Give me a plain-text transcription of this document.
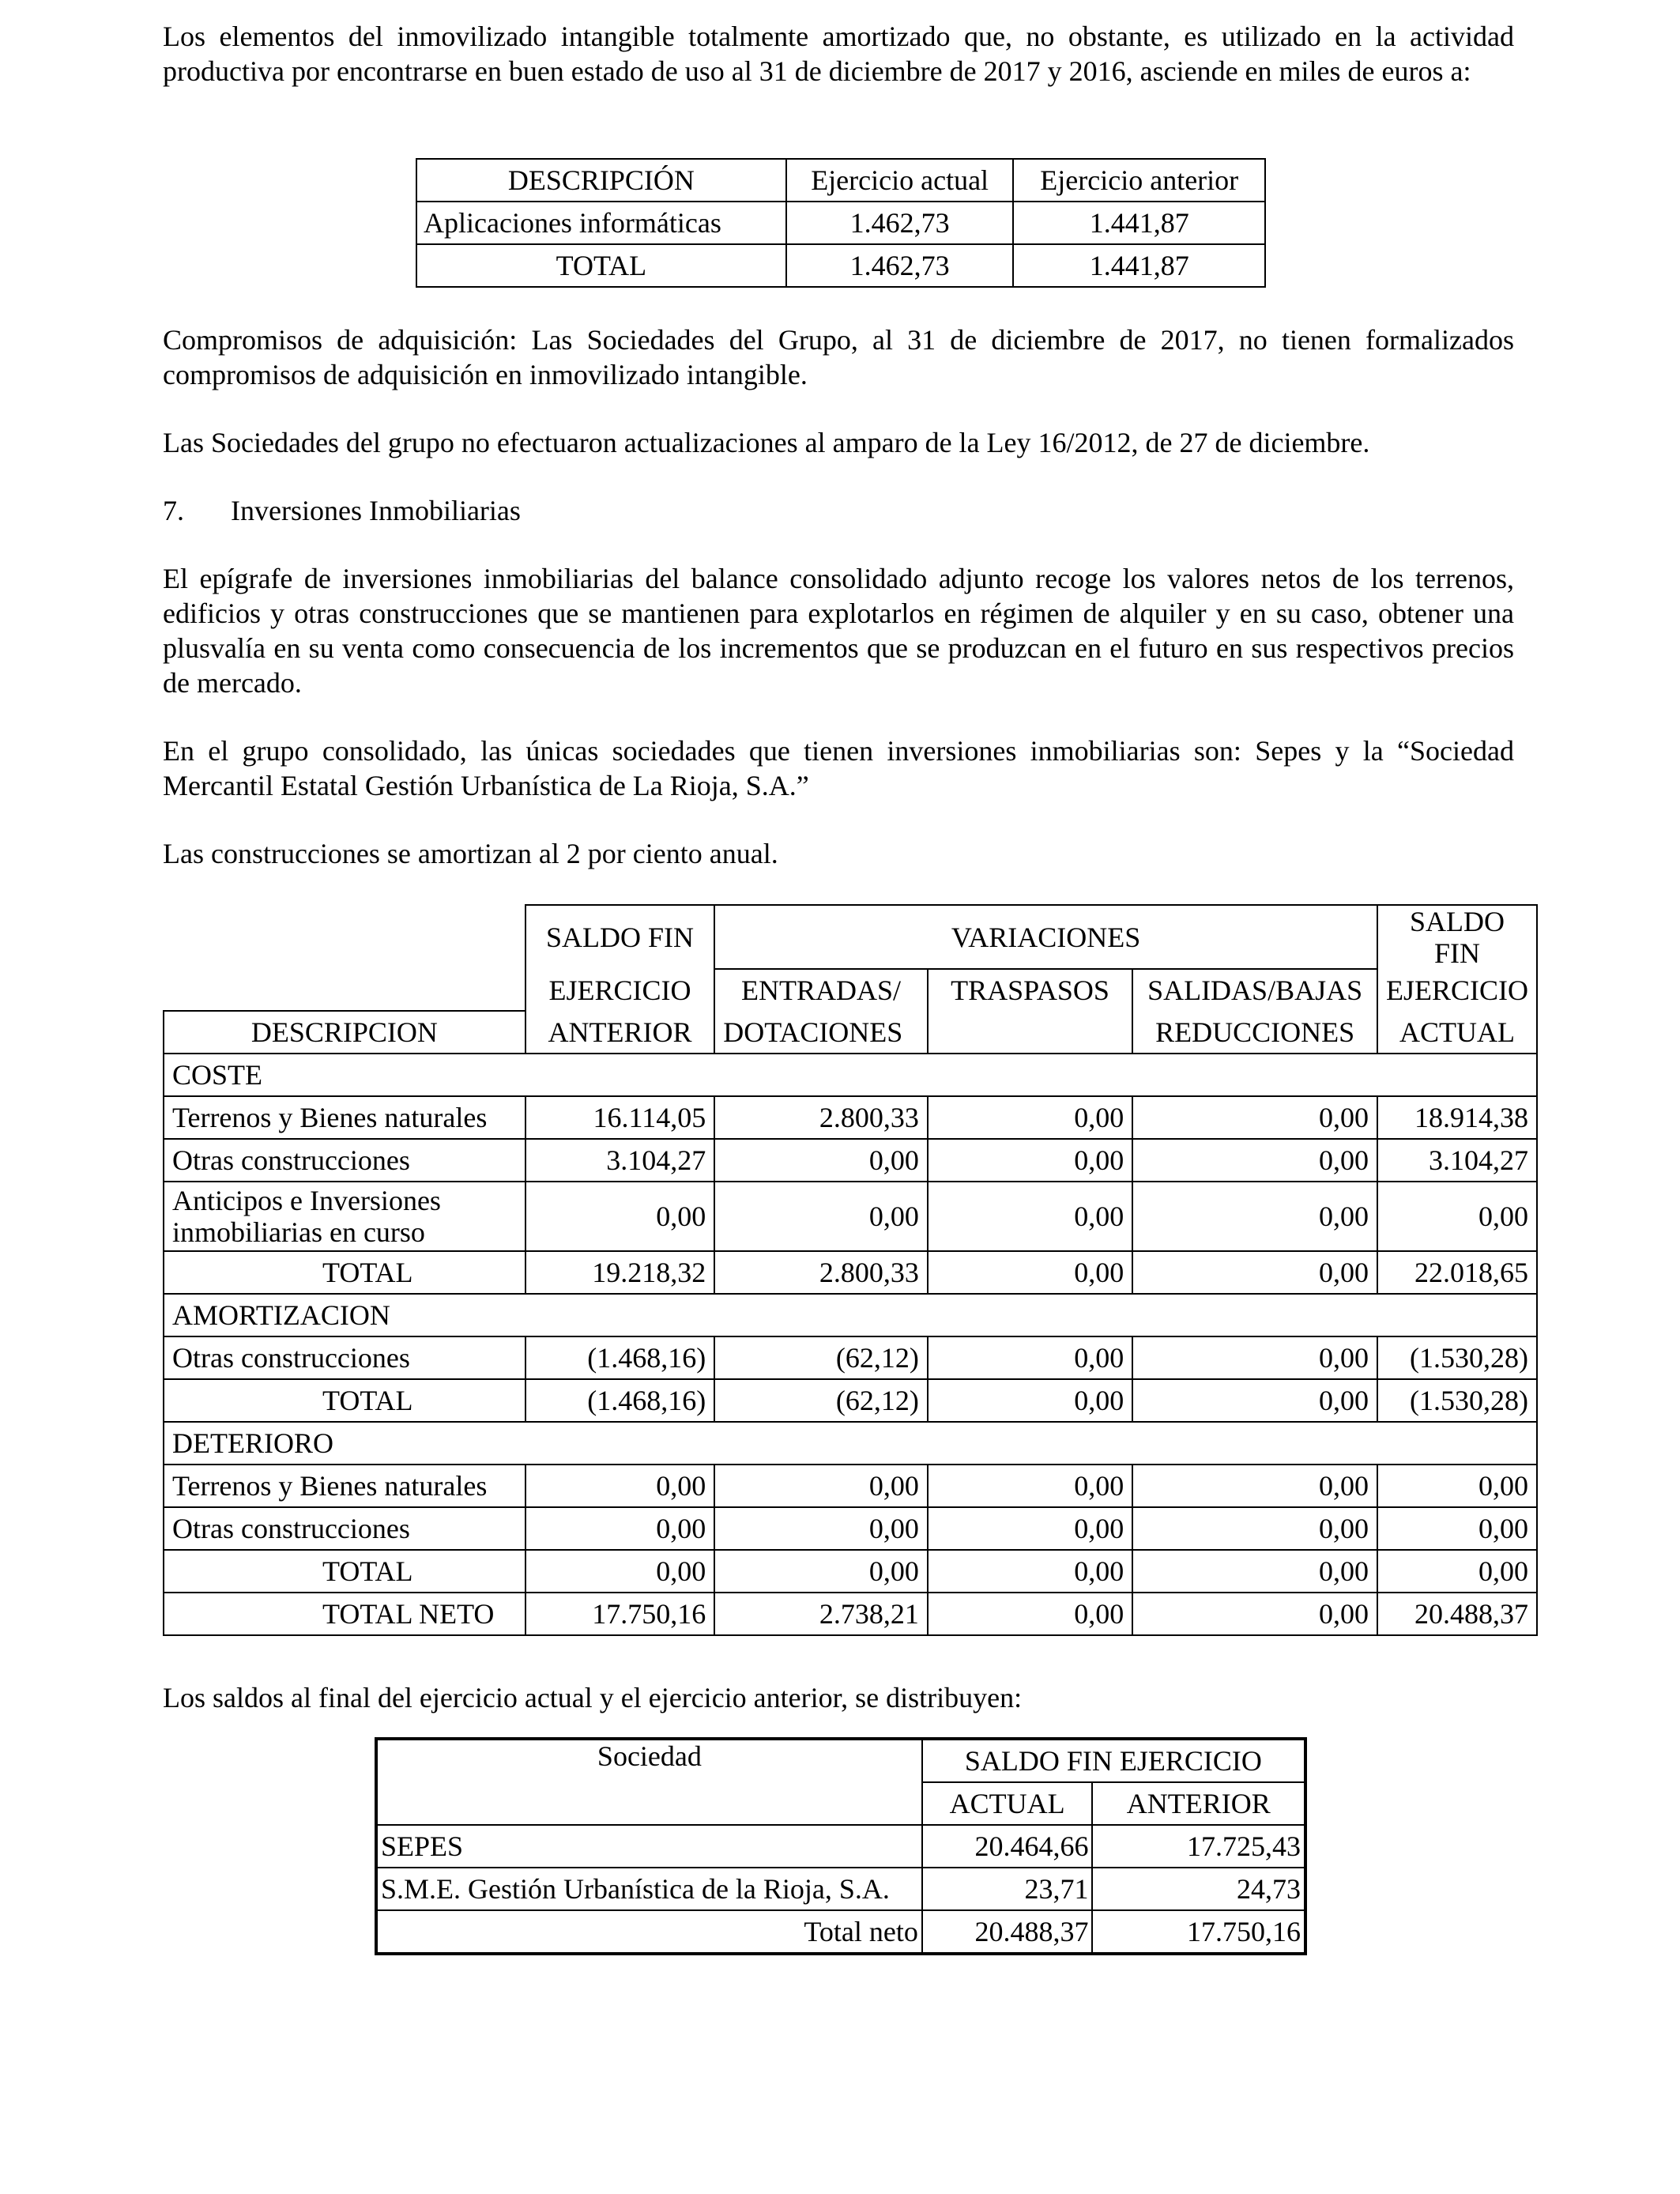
Los elementos del inmovilizado intangible totalmente amortizado que, no obstante, es utilizado en la actividad productiva por encontrarse en buen estado de uso al 31 de diciembre de 2017 y 2016, asciende en miles de euros a:

DESCRIPCIÓN	Ejercicio actual	Ejercicio anterior
Aplicaciones informáticas	1.462,73	1.441,87
TOTAL	1.462,73	1.441,87

Compromisos de adquisición: Las Sociedades del Grupo, al 31 de diciembre de 2017, no tienen formalizados compromisos de adquisición en inmovilizado intangible.

Las Sociedades del grupo no efectuaron actualizaciones al amparo de la Ley 16/2012, de 27 de diciembre.

7. Inversiones Inmobiliarias

El epígrafe de inversiones inmobiliarias del balance consolidado adjunto recoge los valores netos de los terrenos, edificios y otras construcciones que se mantienen para explotarlos en régimen de alquiler y en su caso, obtener una plusvalía en su venta como consecuencia de los incrementos que se produzcan en el futuro en sus respectivos precios de mercado.

En el grupo consolidado, las únicas sociedades que tienen inversiones inmobiliarias son: Sepes y la “Sociedad Mercantil Estatal Gestión Urbanística de La Rioja, S.A.”

Las construcciones se amortizan al 2 por ciento anual.

	SALDO FIN	VARIACIONES			SALDO FIN
	EJERCICIO	ENTRADAS/	TRASPASOS	SALIDAS/BAJAS	EJERCICIO
DESCRIPCION	ANTERIOR	DOTACIONES		REDUCCIONES	ACTUAL
COSTE					
Terrenos y Bienes naturales	16.114,05	2.800,33	0,00	0,00	18.914,38
Otras construcciones	3.104,27	0,00	0,00	0,00	3.104,27
Anticipos e Inversiones
inmobiliarias en curso	0,00	0,00	0,00	0,00	0,00
TOTAL	19.218,32	2.800,33	0,00	0,00	22.018,65
AMORTIZACION					
Otras construcciones	(1.468,16)	(62,12)	0,00	0,00	(1.530,28)
TOTAL	(1.468,16)	(62,12)	0,00	0,00	(1.530,28)
DETERIORO					
Terrenos y Bienes naturales	0,00	0,00	0,00	0,00	0,00
Otras construcciones	0,00	0,00	0,00	0,00	0,00
TOTAL	0,00	0,00	0,00	0,00	0,00
TOTAL NETO	17.750,16	2.738,21	0,00	0,00	20.488,37

Los saldos al final del ejercicio actual y el ejercicio anterior, se distribuyen:

Sociedad	SALDO FIN EJERCICIO	
	ACTUAL	ANTERIOR
SEPES	20.464,66	17.725,43
S.M.E. Gestión Urbanística de la Rioja, S.A.	23,71	24,73
Total neto	20.488,37	17.750,16
